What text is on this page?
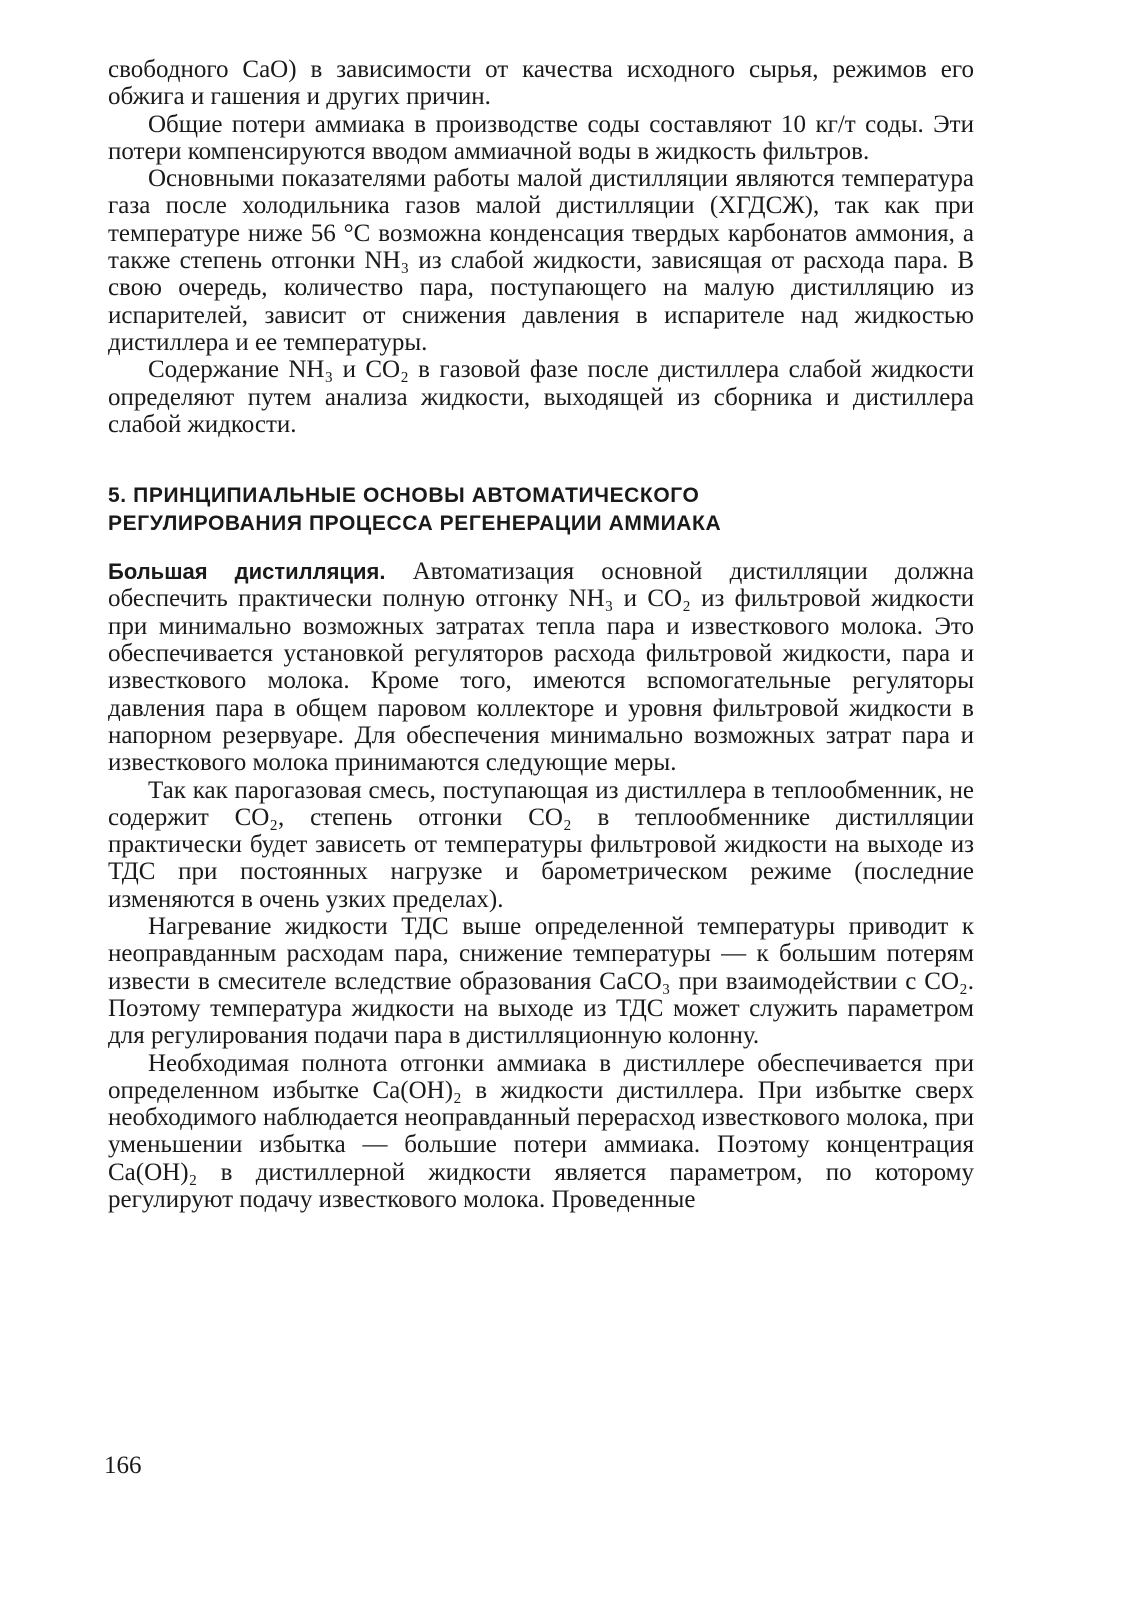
свободного CaO) в зависимости от качества исходного сырья, режимов его обжига и гашения и других причин.

Общие потери аммиака в производстве соды составляют 10 кг/т соды. Эти потери компенсируются вводом аммиачной воды в жидкость фильтров.

Основными показателями работы малой дистилляции являются температура газа после холодильника газов малой дистилляции (ХГДСЖ), так как при температуре ниже 56 °С возможна конденсация твердых карбонатов аммония, а также степень отгонки NH₃ из слабой жидкости, зависящая от расхода пара. В свою очередь, количество пара, поступающего на малую дистилляцию из испарителей, зависит от снижения давления в испарителе над жидкостью дистиллера и ее температуры.

Содержание NH₃ и CO₂ в газовой фазе после дистиллера слабой жидкости определяют путем анализа жидкости, выходящей из сборника и дистиллера слабой жидкости.

5. ПРИНЦИПИАЛЬНЫЕ ОСНОВЫ АВТОМАТИЧЕСКОГО
РЕГУЛИРОВАНИЯ ПРОЦЕССА РЕГЕНЕРАЦИИ АММИАКА

Большая дистилляция. Автоматизация основной дистилляции должна обеспечить практически полную отгонку NH₃ и CO₂ из фильтровой жидкости при минимально возможных затратах тепла пара и известкового молока. Это обеспечивается установкой регуляторов расхода фильтровой жидкости, пара и известкового молока. Кроме того, имеются вспомогательные регуляторы давления пара в общем паровом коллекторе и уровня фильтровой жидкости в напорном резервуаре. Для обеспечения минимально возможных затрат пара и известкового молока принимаются следующие меры.

Так как парогазовая смесь, поступающая из дистиллера в теплообменник, не содержит CO₂, степень отгонки CO₂ в теплообменнике дистилляции практически будет зависеть от температуры фильтровой жидкости на выходе из ТДС при постоянных нагрузке и барометрическом режиме (последние изменяются в очень узких пределах).

Нагревание жидкости ТДС выше определенной температуры приводит к неоправданным расходам пара, снижение температуры — к большим потерям извести в смесителе вследствие образования CaCO₃ при взаимодействии с CO₂. Поэтому температура жидкости на выходе из ТДС может служить параметром для регулирования подачи пара в дистилляционную колонну.

Необходимая полнота отгонки аммиака в дистиллере обеспечивается при определенном избытке Ca(OH)₂ в жидкости дистиллера. При избытке сверх необходимого наблюдается неоправданный перерасход известкового молока, при уменьшении избытка — большие потери аммиака. Поэтому концентрация Ca(OH)₂ в дистиллерной жидкости является параметром, по которому регулируют подачу известкового молока. Проведенные

166
